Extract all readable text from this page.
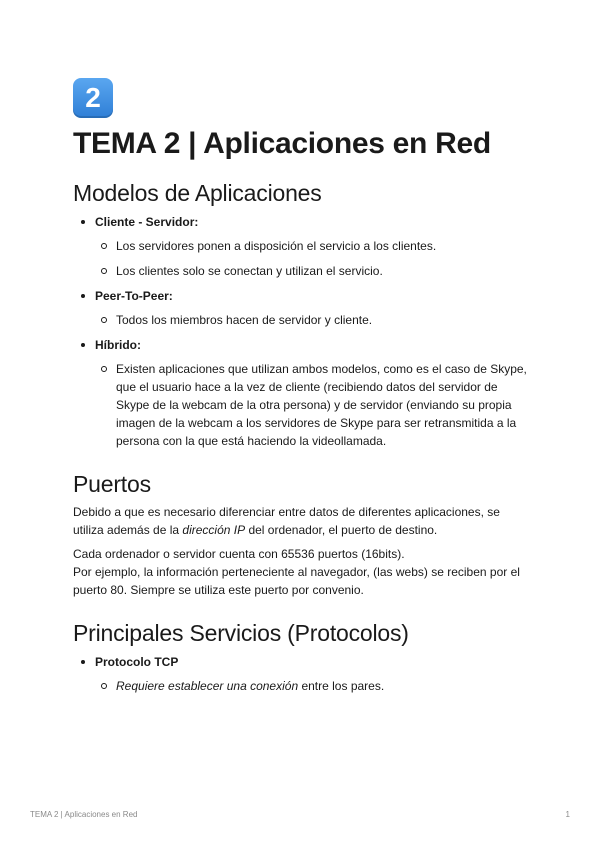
2
TEMA 2 | Aplicaciones en Red
Modelos de Aplicaciones
Cliente - Servidor:
Los servidores ponen a disposición el servicio a los clientes.
Los clientes solo se conectan y utilizan el servicio.
Peer-To-Peer:
Todos los miembros hacen de servidor y cliente.
Híbrido:
Existen aplicaciones que utilizan ambos modelos, como es el caso de Skype, que el usuario hace a la vez de cliente (recibiendo datos del servidor de Skype de la webcam de la otra persona) y de servidor (enviando su propia imagen de la webcam a los servidores de Skype para ser retransmitida a la persona con la que está haciendo la videollamada.
Puertos

Debido a que es necesario diferenciar entre datos de diferentes aplicaciones, se utiliza además de la dirección IP del ordenador, el puerto de destino.

Cada ordenador o servidor cuenta con 65536 puertos (16bits).
Por ejemplo, la información perteneciente al navegador, (las webs) se reciben por el puerto 80. Siempre se utiliza este puerto por convenio.

Principales Servicios (Protocolos)
Protocolo TCP
Requiere establecer una conexión entre los pares.
TEMA 2 | Aplicaciones en Red	1
